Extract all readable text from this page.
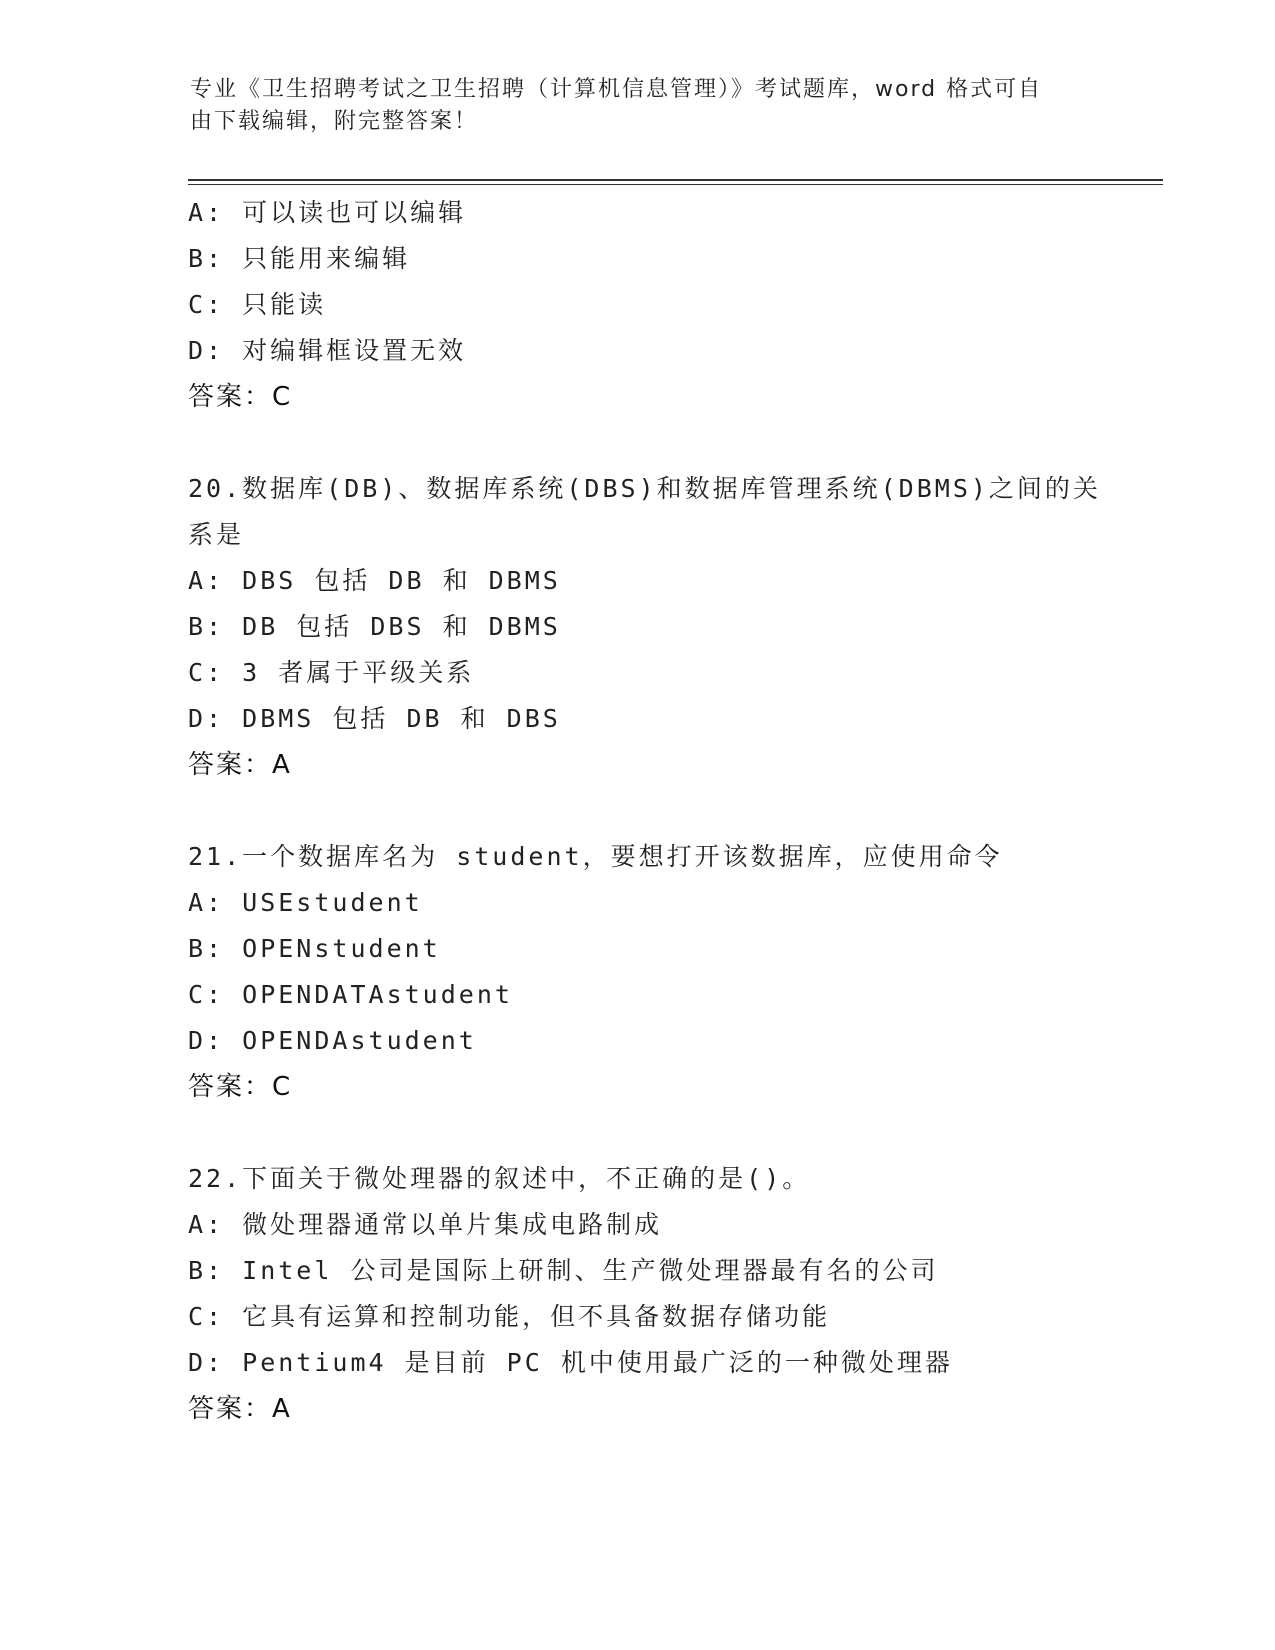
专业《卫生招聘考试之卫生招聘（计算机信息管理）》考试题库，word 格式可自
由下载编辑，附完整答案！
A: 可以读也可以编辑
B: 只能用来编辑
C: 只能读
D: 对编辑框设置无效
答案：C
20.数据库(DB)、数据库系统(DBS)和数据库管理系统(DBMS)之间的关
系是
A: DBS 包括 DB 和 DBMS
B: DB 包括 DBS 和 DBMS
C: 3 者属于平级关系
D: DBMS 包括 DB 和 DBS
答案：A
21.一个数据库名为 student，要想打开该数据库，应使用命令
A: USEstudent
B: OPENstudent
C: OPENDATAstudent
D: OPENDAstudent
答案：C
22.下面关于微处理器的叙述中，不正确的是()。
A: 微处理器通常以单片集成电路制成
B: Intel 公司是国际上研制、生产微处理器最有名的公司
C: 它具有运算和控制功能，但不具备数据存储功能
D: Pentium4 是目前 PC 机中使用最广泛的一种微处理器
答案：A
